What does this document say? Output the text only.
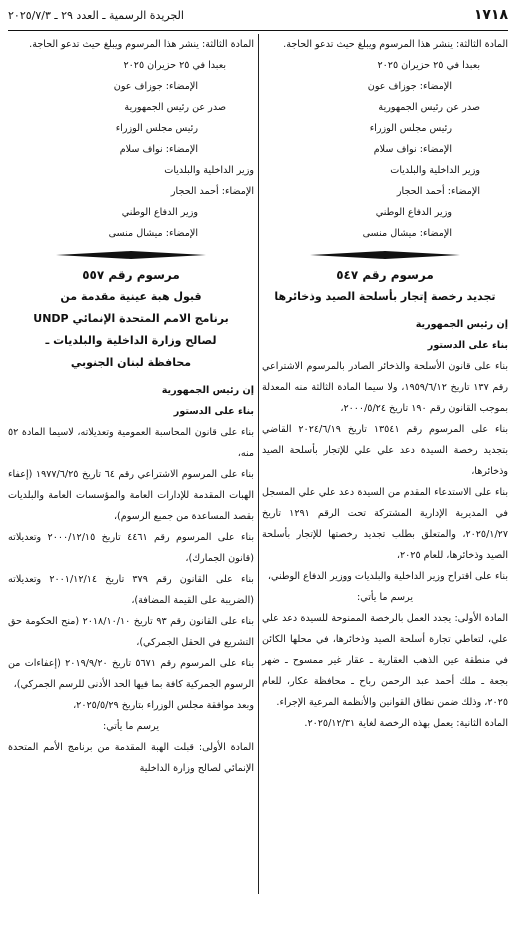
١٧١٨
الجريدة الرسمية ـ العدد ٢٩ ـ ٢٠٢٥/٧/٣

المادة الثالثة: ينشر هذا المرسوم ويبلغ حيث تدعو الحاجة.

بعبدا في ٢٥ حزيران ٢٠٢٥

الإمضاء: جوزاف عون

صدر عن رئيس الجمهورية

رئيس مجلس الوزراء

الإمضاء: نواف سلام

وزير الداخلية والبلديات

الإمضاء: أحمد الحجار

وزير الدفاع الوطني

الإمضاء: ميشال منسى

مرسوم رقم ٥٤٧
تجديد رخصة إتجار بأسلحة الصيد وذخائرها

إن رئيس الجمهورية

بناء على الدستور

بناء على قانون الأسلحة والذخائر الصادر بالمرسوم الاشتراعي رقم ١٣٧ تاريخ ١٩٥٩/٦/١٢، ولا سيما المادة الثالثة منه المعدلة بموجب القانون رقم ١٩٠ تاريخ ٢٠٠٠/٥/٢٤،

بناء على المرسوم رقم ١٣٥٤١ تاريخ ٢٠٢٤/٦/١٩ القاضي بتجديد رخصة السيدة دعد علي علي للإتجار بأسلحة الصيد وذخائرها،

بناء على الاستدعاء المقدم من السيدة دعد علي علي المسجل في المديرية الإدارية المشتركة تحت الرقم ١٢٩١ تاريخ ٢٠٢٥/١/٢٧، والمتعلق بطلب تجديد رخصتها للإتجار بأسلحة الصيد وذخائرها، للعام ٢٠٢٥،

بناء على اقتراح وزير الداخلية والبلديات ووزير الدفاع الوطني،

يرسم ما يأتي:

المادة الأولى: يجدد العمل بالرخصة الممنوحة للسيدة دعد علي علي، لتعاطي تجارة أسلحة الصيد وذخائرها، في محلها الكائن في منطقة عين الذهب العقارية ـ عقار غير ممسوح ـ ضهر بجعة ـ ملك أحمد عبد الرحمن رباح ـ محافظة عكار، للعام ٢٠٢٥، وذلك ضمن نطاق القوانين والأنظمة المرعية الإجراء.

المادة الثانية: يعمل بهذه الرخصة لغاية ٢٠٢٥/١٢/٣١.

المادة الثالثة: ينشر هذا المرسوم ويبلغ حيث تدعو الحاجة.

بعبدا في ٢٥ حزيران ٢٠٢٥

الإمضاء: جوزاف عون

صدر عن رئيس الجمهورية

رئيس مجلس الوزراء

الإمضاء: نواف سلام

وزير الداخلية والبلديات

الإمضاء: أحمد الحجار

وزير الدفاع الوطني

الإمضاء: ميشال منسى

مرسوم رقم ٥٥٧
قبول هبة عينية مقدمة من
برنامج الامم المتحدة الإنمائي UNDP
لصالح وزارة الداخلية والبلديات ـ
محافظة لبنان الجنوبي

إن رئيس الجمهورية

بناء على الدستور

بناء على قانون المحاسبة العمومية وتعديلاته، لاسيما المادة ٥٢ منه،

بناء على المرسوم الاشتراعي رقم ٦٤ تاريخ ١٩٧٧/٦/٢٥ (إعفاء الهبات المقدمة للإدارات العامة والمؤسسات العامة والبلديات بقصد المساعدة من جميع الرسوم)،

بناء على المرسوم رقم ٤٤٦١ تاريخ ٢٠٠٠/١٢/١٥ وتعديلاته (قانون الجمارك)،

بناء على القانون رقم ٣٧٩ تاريخ ٢٠٠١/١٢/١٤ وتعديلاته (الضريبة على القيمة المضافة)،

بناء على القانون رقم ٩٣ تاريخ ٢٠١٨/١٠/١٠ (منح الحكومة حق التشريع في الحقل الجمركي)،

بناء على المرسوم رقم ٥٦٧١ تاريخ ٢٠١٩/٩/٢٠ (إعفاءات من الرسوم الجمركية كافة بما فيها الحد الأدنى للرسم الجمركي)،

وبعد موافقة مجلس الوزراء بتاريخ ٢٠٢٥/٥/٢٩،

يرسم ما يأتي:

المادة الأولى: قبلت الهبة المقدمة من برنامج الأمم المتحدة الإنمائي لصالح وزارة الداخلية
